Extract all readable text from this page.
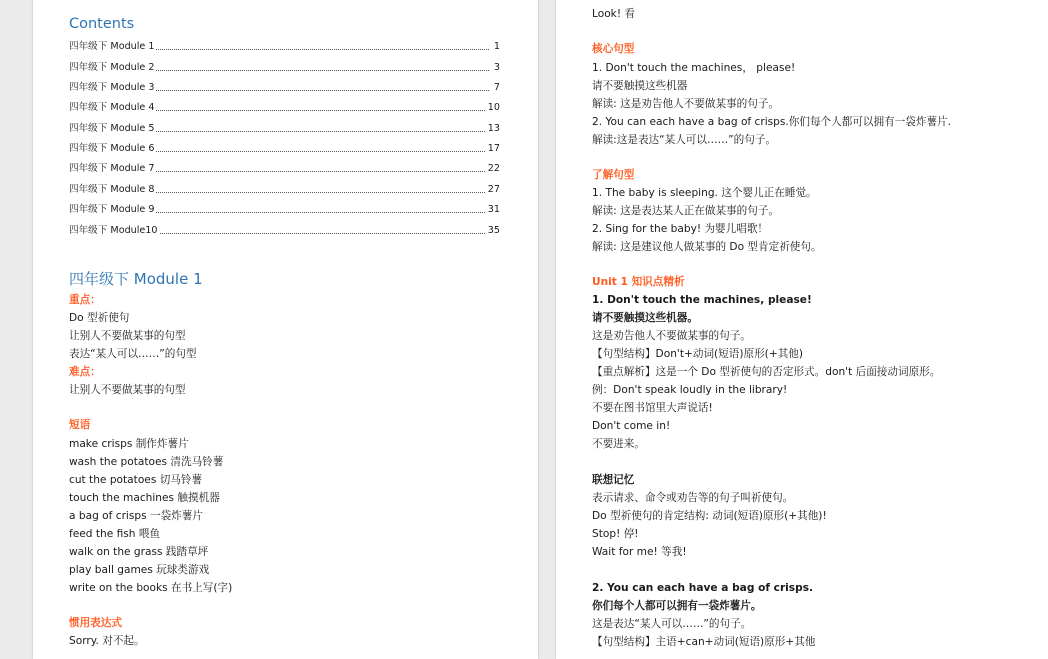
Contents
四年级下 Module 1	1
四年级下 Module 2	3
四年级下 Module 3	7
四年级下 Module 4	10
四年级下 Module 5	13
四年级下 Module 6	17
四年级下 Module 7	22
四年级下 Module 8	27
四年级下 Module 9	31
四年级下 Module10	35
四年级下 Module 1
重点：
Do 型祈使句
让别人不要做某事的句型
表达“某人可以……”的句型
难点：
让别人不要做某事的句型
短语
make crisps 制作炸薯片
wash the potatoes 清洗马铃薯
cut the potatoes 切马铃薯
touch the machines 触摸机器
a bag of crisps 一袋炸薯片
feed the fish 喂鱼
walk on the grass 践踏草坪
play ball games 玩球类游戏
write on the books 在书上写(字)
惯用表达式
Sorry. 对不起。
Look! 看
核心句型
1. Don't touch the machines， please!
请不要触摸这些机器
解读: 这是劝告他人不要做某事的句子。
2. You can each have a bag of crisps.你们每个人都可以拥有一袋炸薯片.
解读:这是表达“某人可以……”的句子。
了解句型
1. The baby is sleeping. 这个婴儿正在睡觉。
解读: 这是表达某人正在做某事的句子。
2. Sing for the baby! 为婴儿唱歌！
解读: 这是建议他人做某事的 Do 型肯定祈使句。
Unit 1 知识点精析
1. Don't touch the machines, please!
请不要触摸这些机器。
这是劝告他人不要做某事的句子。
【句型结构】Don't+动词(短语)原形(+其他)
【重点解析】这是一个 Do 型祈使句的否定形式。don't 后面接动词原形。
例：Don't speak loudly in the library!
不要在图书馆里大声说话!
Don't come in!
不要进来。
联想记忆
表示请求、命令或劝告等的句子叫祈使句。
Do 型祈使句的肯定结构: 动词(短语)原形(+其他)!
Stop! 停!
Wait for me! 等我!
2. You can each have a bag of crisps.
你们每个人都可以拥有一袋炸薯片。
这是表达“某人可以……”的句子。
【句型结构】主语+can+动词(短语)原形+其他
